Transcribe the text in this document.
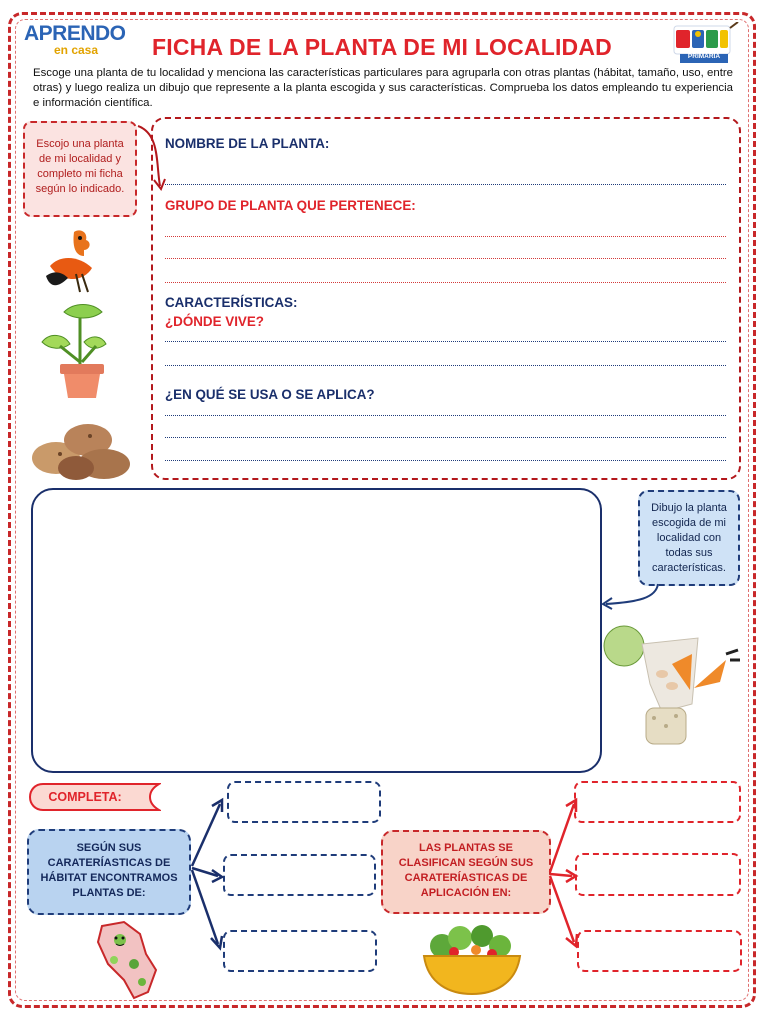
APRENDO
en casa	FICHA DE LA PLANTA DE MI LOCALIDAD	PRIMARIA
Escoge una planta de tu localidad y menciona las características particulares para agruparla con otras plantas (hábitat, tamaño, uso, entre otras) y luego realiza un dibujo que represente a la planta escogida y sus características. Comprueba los datos empleando tu experiencia e información científica.
Escojo una planta de mi localidad y completo mi ficha según lo indicado.
NOMBRE DE LA PLANTA:
GRUPO DE PLANTA QUE PERTENECE:
CARACTERÍSTICAS:
¿DÓNDE VIVE?
¿EN QUÉ SE USA O SE APLICA?
Dibujo la planta escogida de mi localidad con todas sus características.
COMPLETA:
SEGÚN SUS CARATERÍASTICAS DE HÁBITAT ENCONTRAMOS PLANTAS DE:
LAS PLANTAS SE CLASIFICAN SEGÚN SUS CARATERÍASTICAS DE APLICACIÓN EN:
